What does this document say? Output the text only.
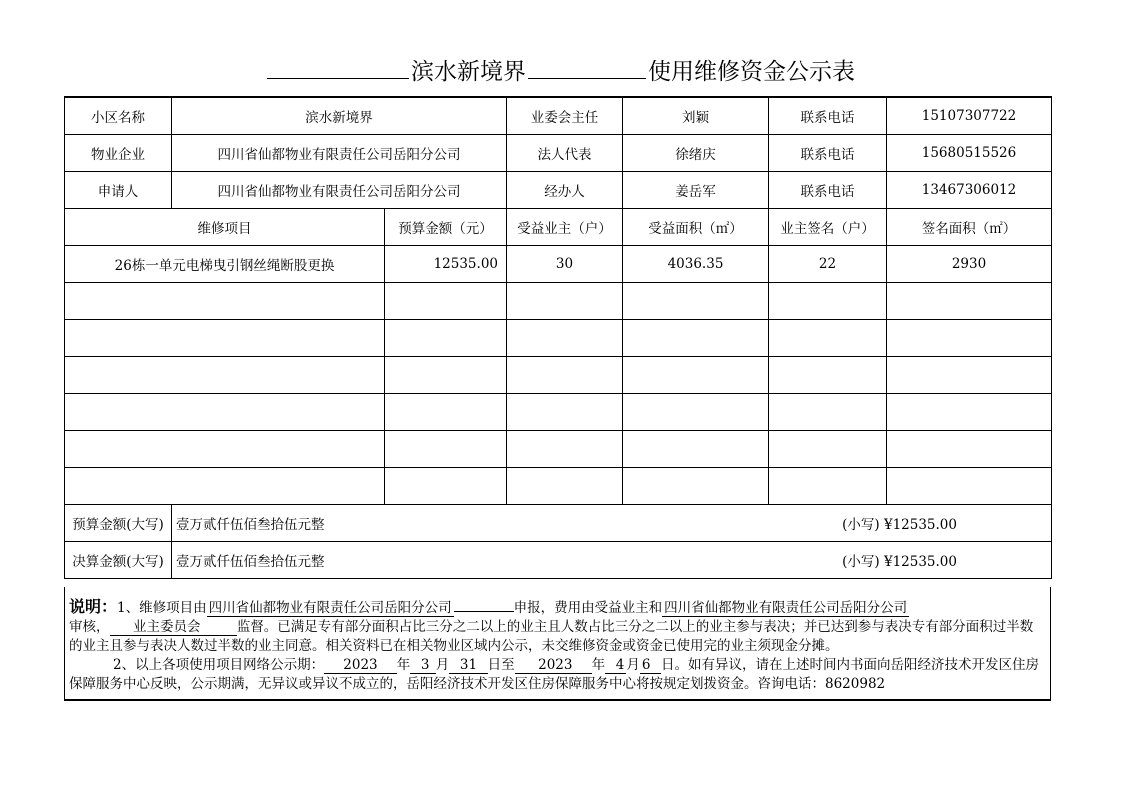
滨水新境界	使用维修资金公示表
小区名称	滨水新境界		业委会主任	刘颖	联系电话	15107307722
物业企业	四川省仙都物业有限责任公司岳阳分公司		法人代表	徐绪庆	联系电话	15680515526
申请人	四川省仙都物业有限责任公司岳阳分公司		经办人	姜岳军	联系电话	13467306012
维修项目		预算金额（元）	受益业主（户）	受益面积（㎡）	业主签名（户）	签名面积（㎡）
26栋一单元电梯曳引钢丝绳断股更换		12535.00	30	4036.35	22	2930

预算金额(大写)	壹万贰仟伍佰叁拾伍元整 (小写) ¥12535.00					

决算金额(大写)	壹万贰仟伍佰叁拾伍元整 (小写) ¥12535.00					
说明：1、维修项目由 四川省仙都物业有限责任公司岳阳分公司	申报，费用由受益业主和 四川省仙都物业有限责任公司岳阳分公司
审核， 业主委员会	监督。已满足专有部分面积占比三分之二以上的业主且人数占比三分之二以上的业主参与表决；并已达到参与表决专有部分面积过半数的业主且参与表决人数过半数的业主同意。相关资料已在相关物业区域内公示，未交维修资金或资金已使用完的业主须现金分摊。
2、以上各项使用项目网络公示期： 2023 年 3 月 31 日至 2023 年 4 月 6 日。如有异议，请在上述时间内书面向岳阳经济技术开发区住房保障服务中心反映，公示期满，无异议或异议不成立的，岳阳经济技术开发区住房保障服务中心将按规定划拨资金。咨询电话：8620982
